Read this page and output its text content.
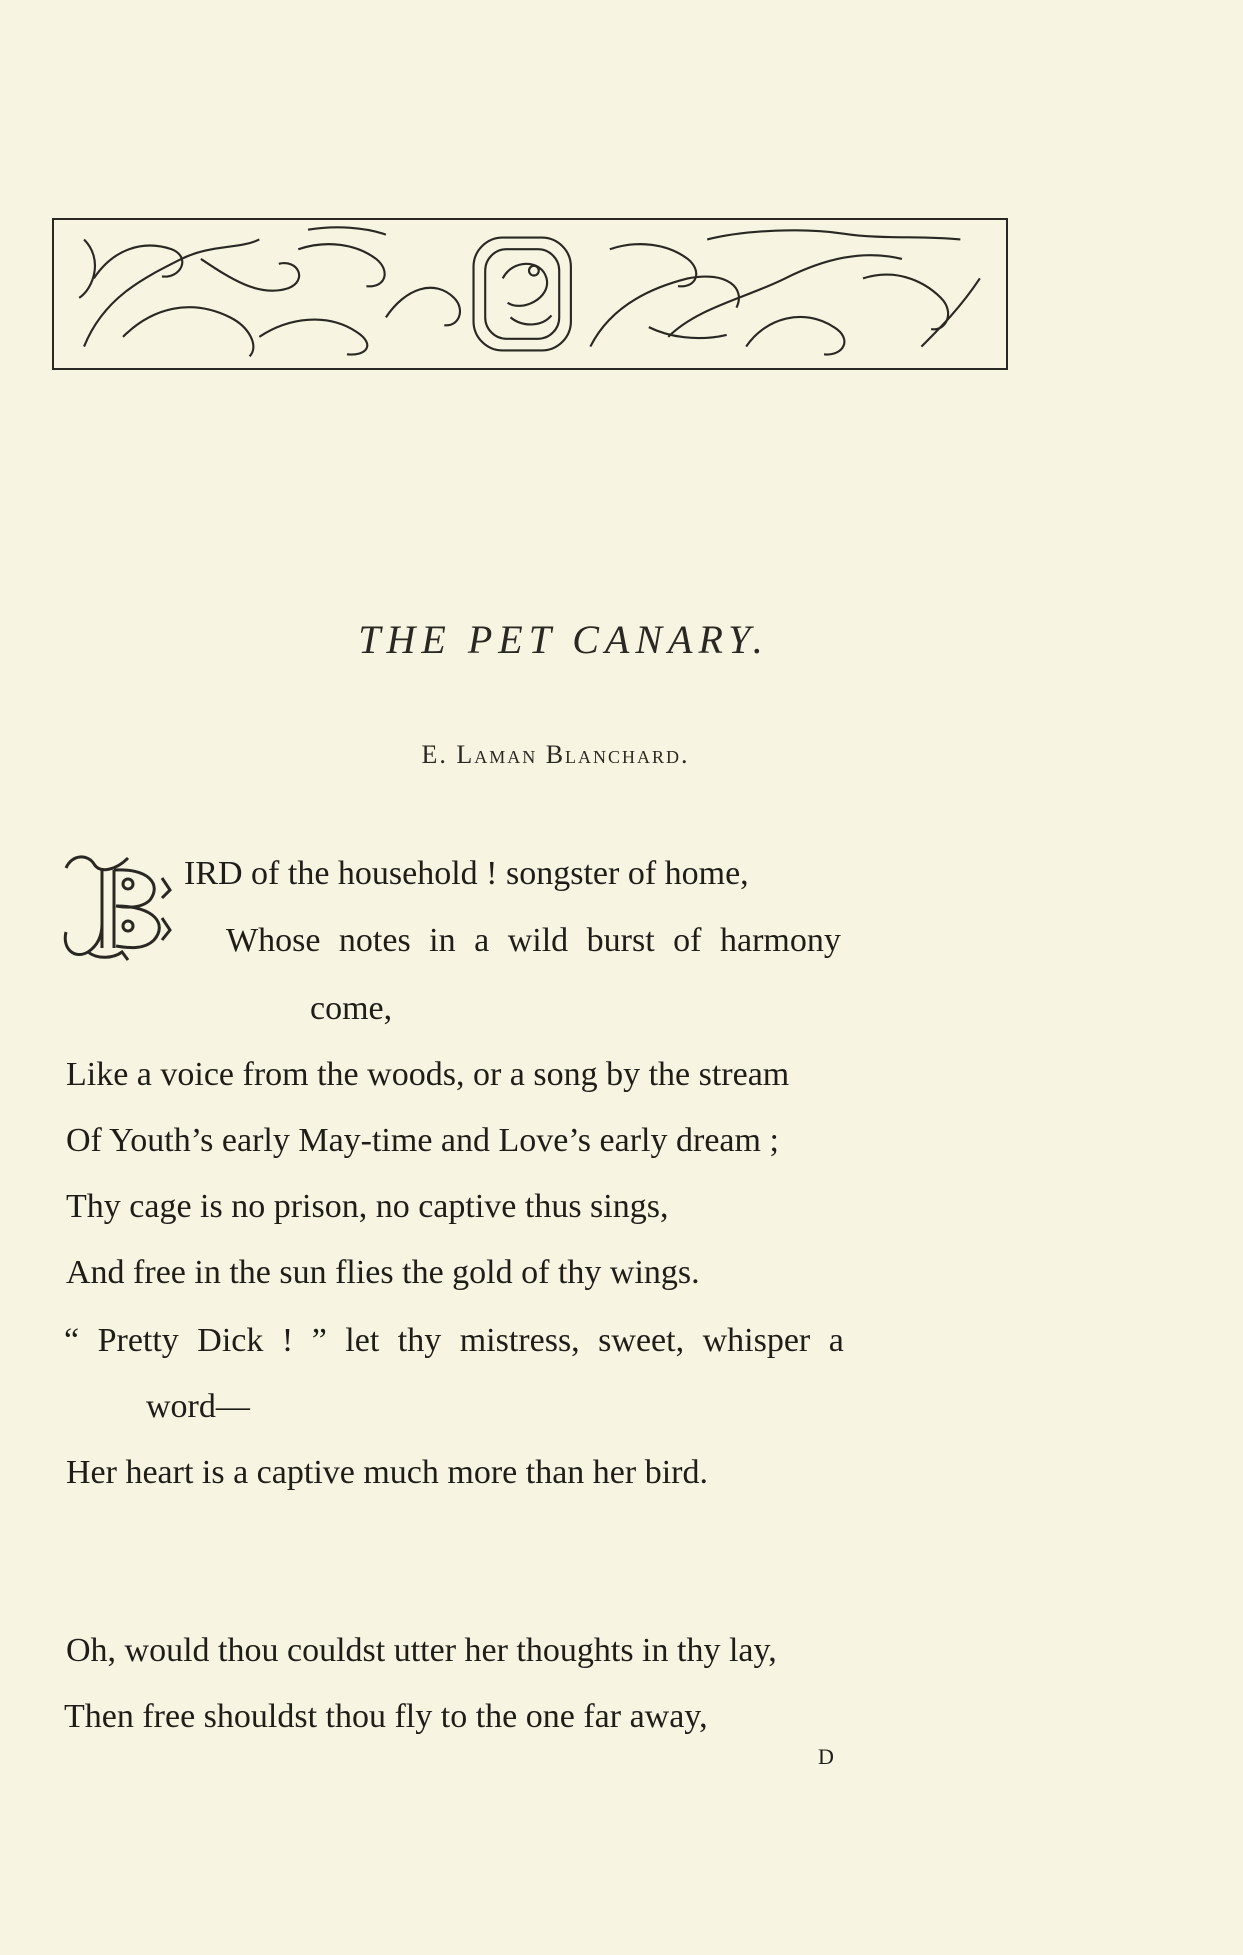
THE PET CANARY.
E. Laman Blanchard.
IRD of the household ! songster of home,
Whose notes in a wild burst of harmony
come,
Like a voice from the woods, or a song by the stream
Of Youth’s early May-time and Love’s early dream ;
Thy cage is no prison, no captive thus sings,
And free in the sun flies the gold of thy wings.
“ Pretty Dick ! ” let thy mistress, sweet, whisper a
word—
Her heart is a captive much more than her bird.
Oh, would thou couldst utter her thoughts in thy lay,
Then free shouldst thou fly to the one far away,
D
